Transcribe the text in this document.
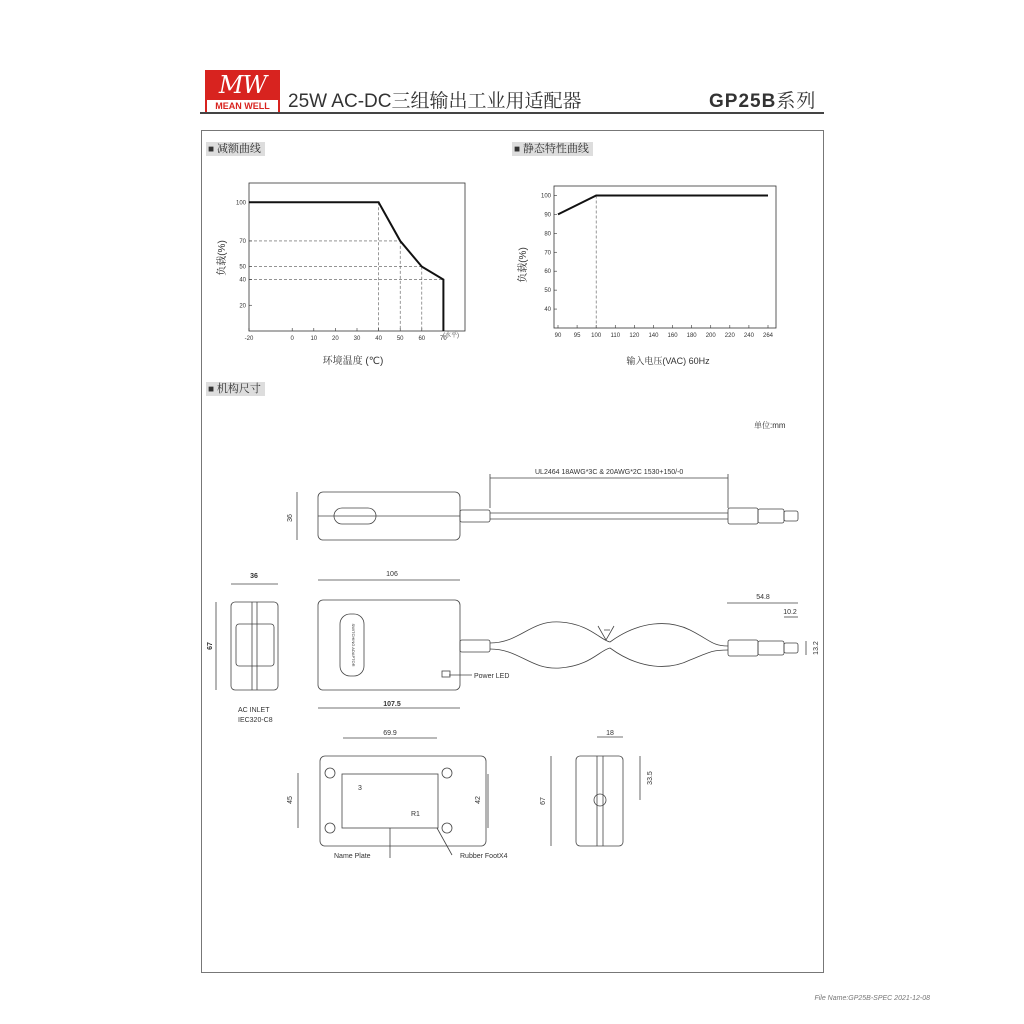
MW
MEAN WELL 25W AC-DC三组输出工业用适配器	GP25B系列
■ 减额曲线
■	静态特性曲线
■ 机构尺寸
-20	0	10 20 30 40 50 60 70
100
70
50
40
20
(水平)
负载(%)
环境温度 (℃)
90 95 100 110 120 140 160 180 200 220 240 264
100
90
80
70
60
50
40
负载(%)
输入电压(VAC) 60Hz
单位:mm
UL2464 18AWG*3C & 20AWG*2C 1530+150/-0
36
36	106
67
107.5
54.8
10.2
13.2
AC INLET
IEC320-C8
Power LED
SWITCHING ADAPTOR
69.9
45	42
3
R1
Name Plate	Rubber FootX4
18
33.5
67
File Name:GP25B-SPEC 2021-12-08
